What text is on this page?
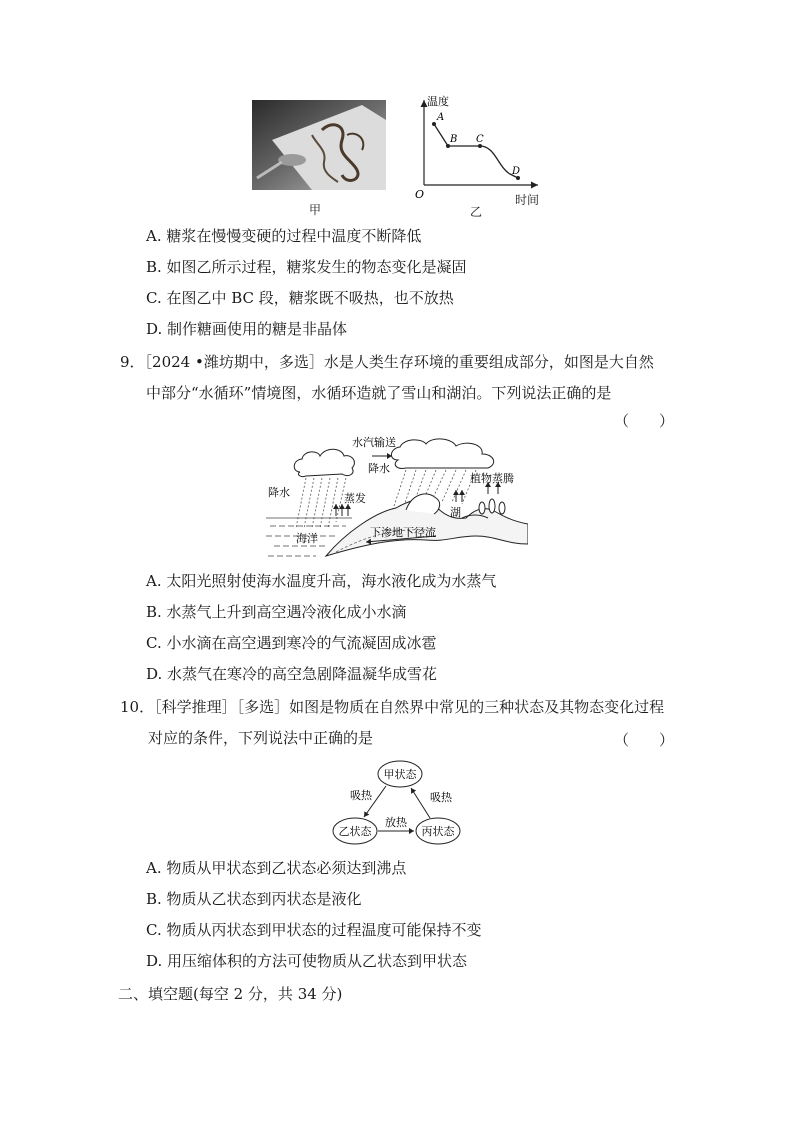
甲
温度
O
A
B C
D
乙
时间
A. 糖浆在慢慢变硬的过程中温度不断降低
B. 如图乙所示过程，糖浆发生的物态变化是凝固
C. 在图乙中 BC 段，糖浆既不吸热，也不放热
D. 制作糖画使用的糖是非晶体
9．［2024 •潍坊期中，多选］水是人类生存环境的重要组成部分，如图是大自然
中部分“水循环”情境图，水循环造就了雪山和湖泊。下列说法正确的是
（　　）
水汽输送
降水
降水	蒸发
海洋
湖
植物蒸腾
下渗地下径流
A. 太阳光照射使海水温度升高，海水液化成为水蒸气
B. 水蒸气上升到高空遇冷液化成小水滴
C. 小水滴在高空遇到寒冷的气流凝固成冰雹
D. 水蒸气在寒冷的高空急剧降温凝华成雪花
10．［科学推理］［多选］如图是物质在自然界中常见的三种状态及其物态变化过程
对应的条件，下列说法中正确的是	（　　）
甲状态
乙状态	丙状态
吸热	吸热
放热
A. 物质从甲状态到乙状态必须达到沸点
B. 物质从乙状态到丙状态是液化
C. 物质从丙状态到甲状态的过程温度可能保持不变
D. 用压缩体积的方法可使物质从乙状态到甲状态
二、填空题(每空 2 分，共 34 分)
